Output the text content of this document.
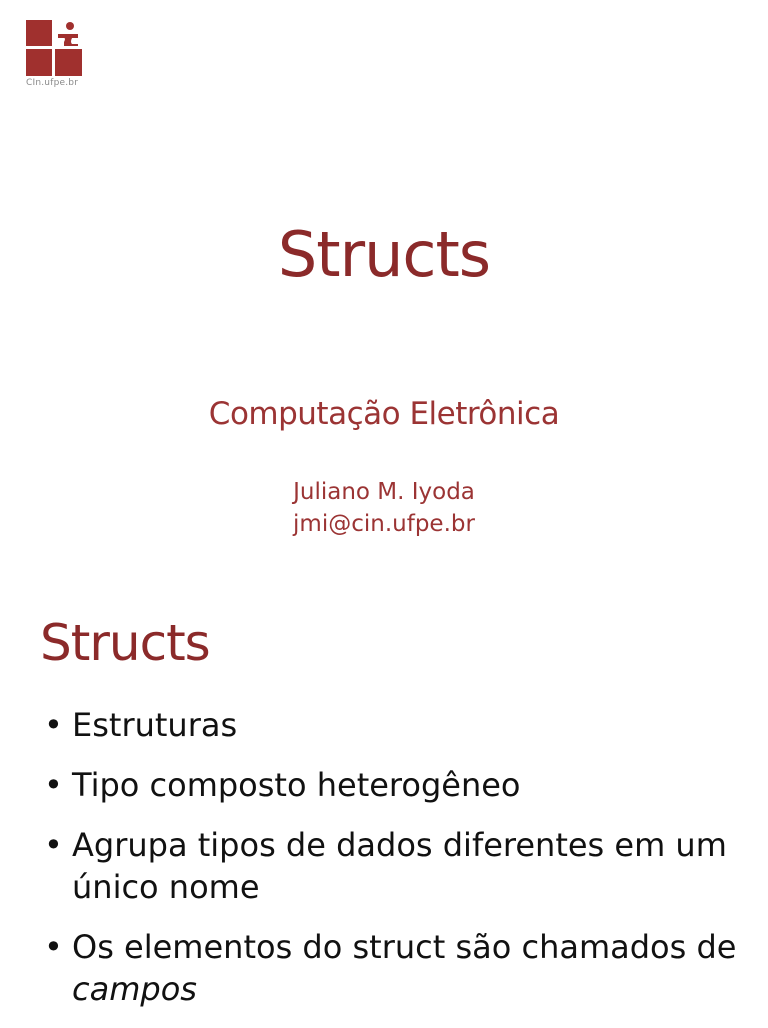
CIn.ufpe.br
Structs
Computação Eletrônica
Juliano M. Iyoda
jmi@cin.ufpe.br
Structs
• Estruturas
• Tipo composto heterogêneo
• Agrupa tipos de dados diferentes em um único nome
• Os elementos do struct são chamados de campos
